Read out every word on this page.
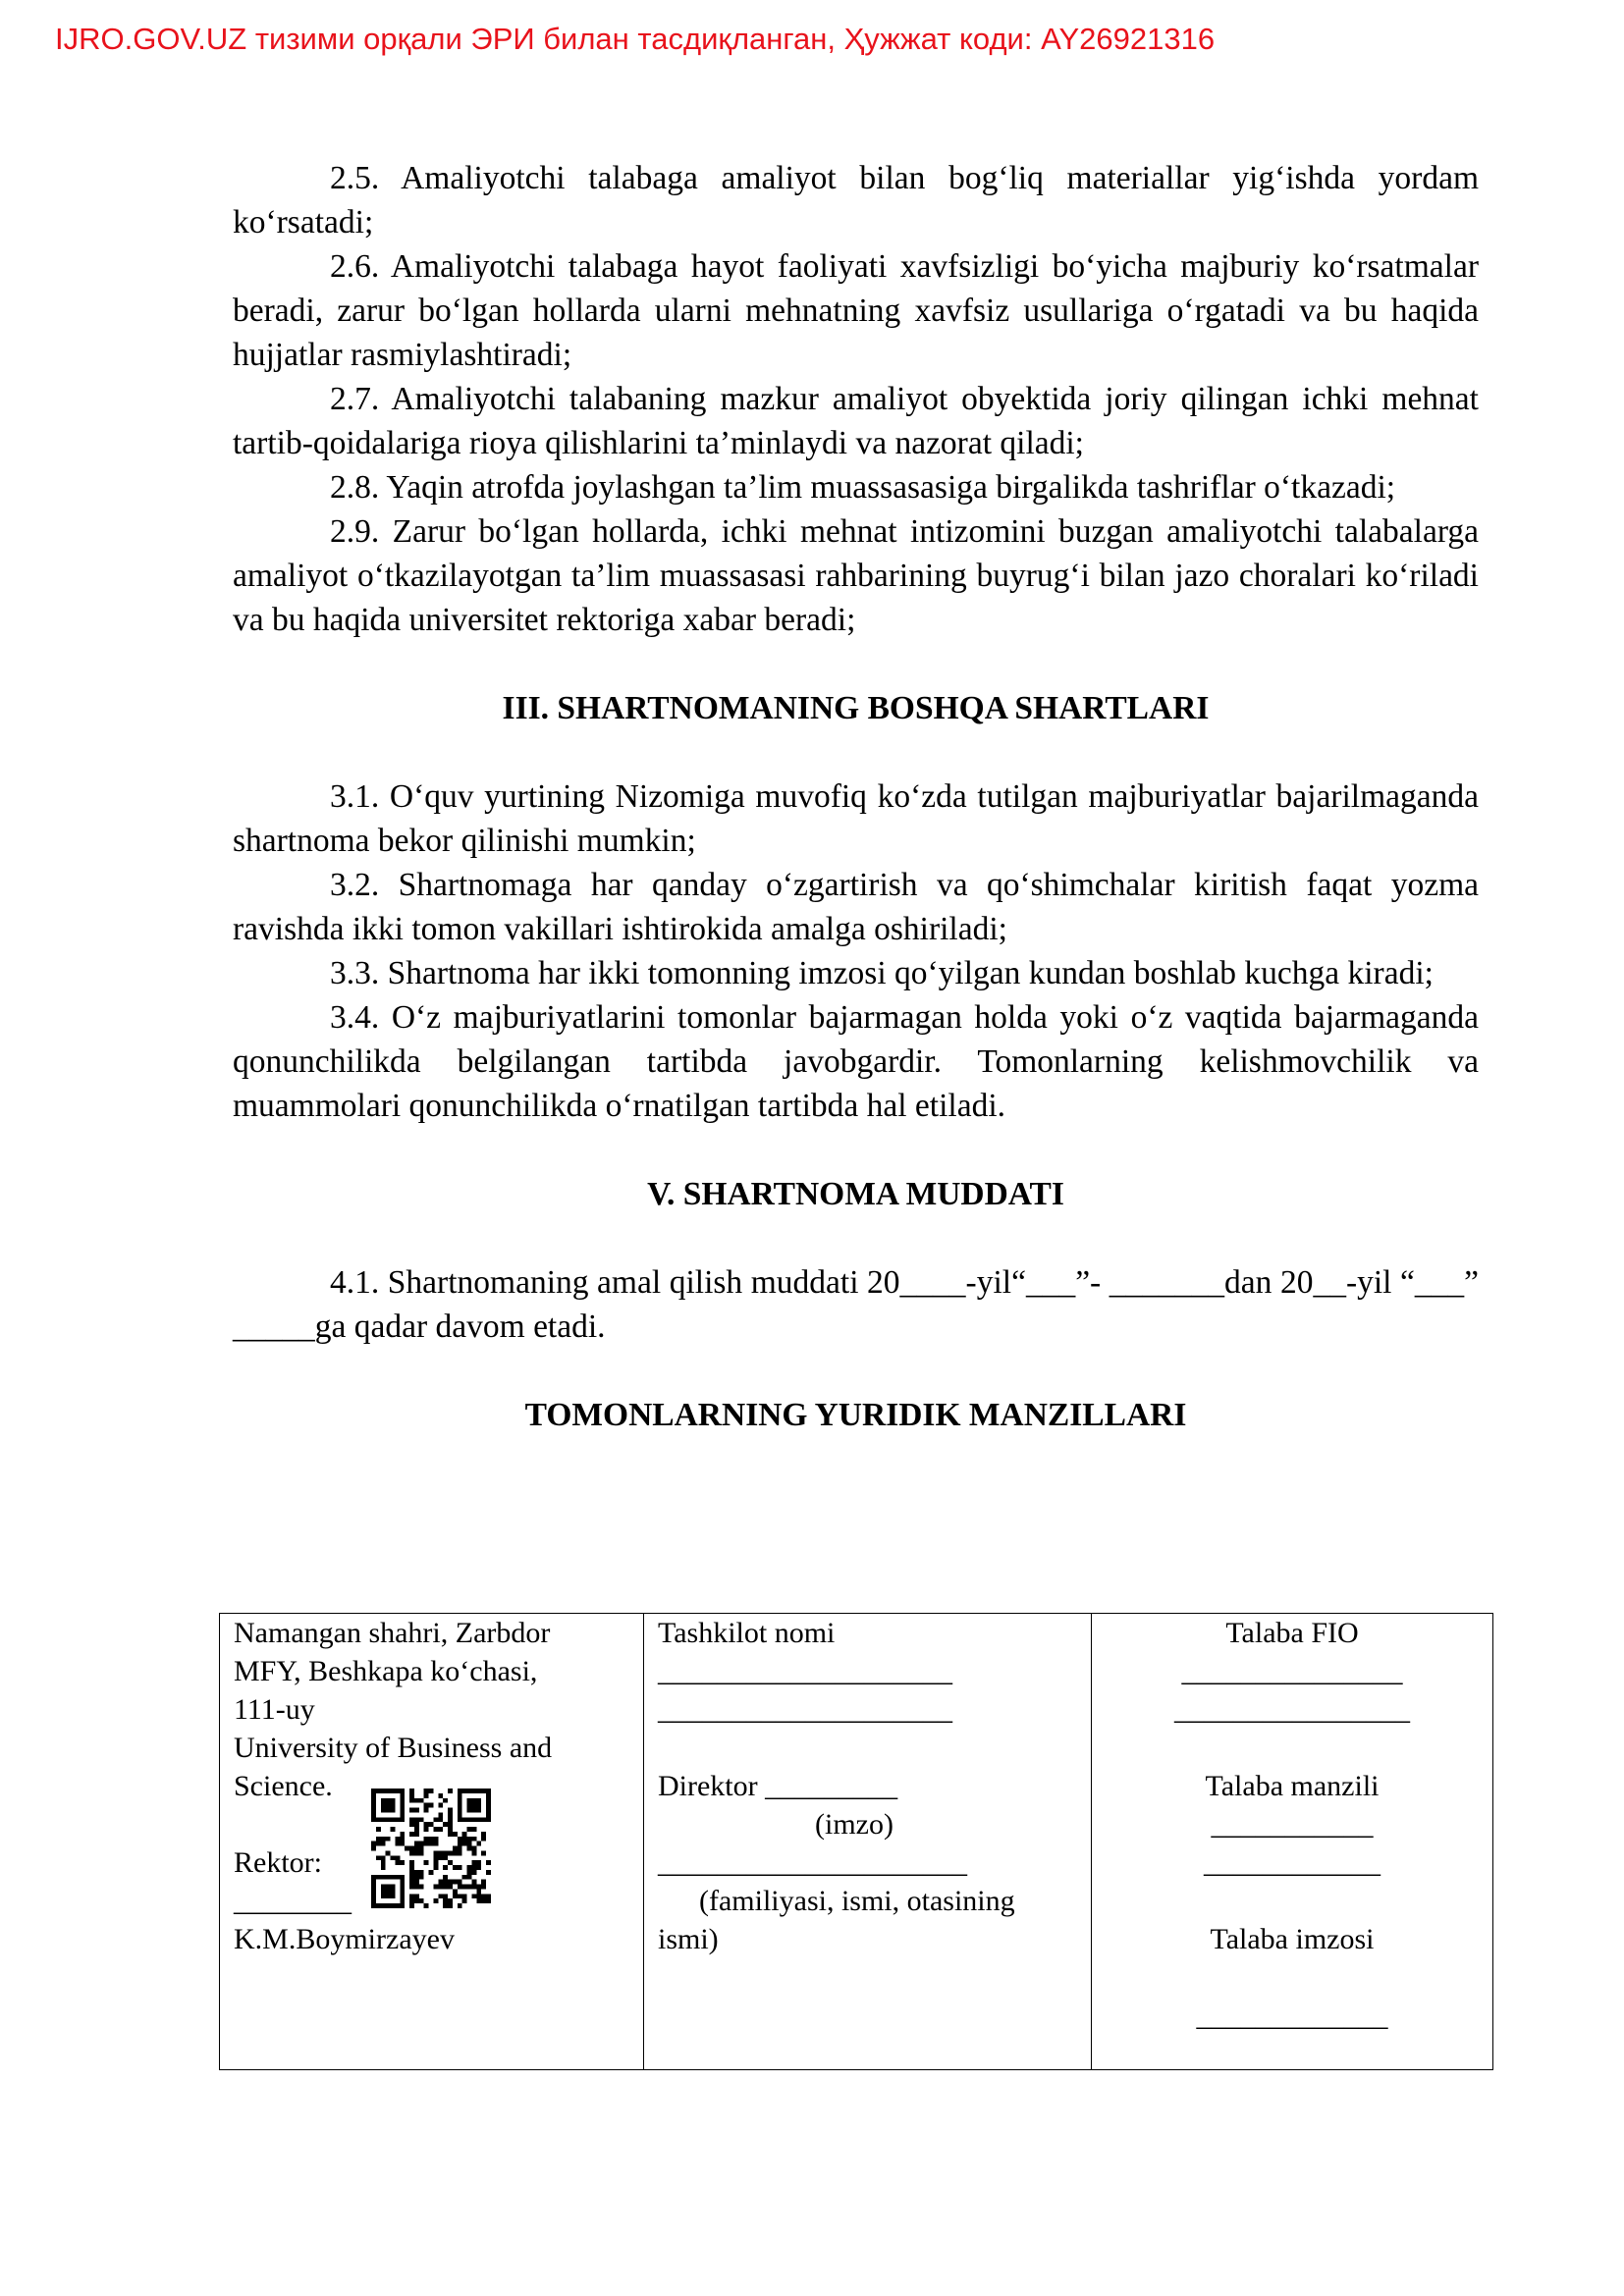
IJRO.GOV.UZ тизими орқали ЭРИ билан тасдиқланган, Ҳужжат коди: AY26921316

2.5. Amaliyotchi talabaga amaliyot bilan bog‘liq materiallar yig‘ishda yordam ko‘rsatadi;

2.6. Amaliyotchi talabaga hayot faoliyati xavfsizligi bo‘yicha majburiy ko‘rsatmalar beradi, zarur bo‘lgan hollarda ularni mehnatning xavfsiz usullariga o‘rgatadi va bu haqida hujjatlar rasmiylashtiradi;

2.7. Amaliyotchi talabaning mazkur amaliyot obyektida joriy qilingan ichki mehnat tartib-qoidalariga rioya qilishlarini ta’minlaydi va nazorat qiladi;

2.8. Yaqin atrofda joylashgan ta’lim muassasasiga birgalikda tashriflar o‘tkazadi;

2.9. Zarur bo‘lgan hollarda, ichki mehnat intizomini buzgan amaliyotchi talabalarga amaliyot o‘tkazilayotgan ta’lim muassasasi rahbarining buyrug‘i bilan jazo choralari ko‘riladi va bu haqida universitet rektoriga xabar beradi;

III. SHARTNOMANING BOSHQA SHARTLARI

3.1. O‘quv yurtining Nizomiga muvofiq ko‘zda tutilgan majburiyatlar bajarilmaganda shartnoma bekor qilinishi mumkin;

3.2. Shartnomaga har qanday o‘zgartirish va qo‘shimchalar kiritish faqat yozma ravishda ikki tomon vakillari ishtirokida amalga oshiriladi;

3.3. Shartnoma har ikki tomonning imzosi qo‘yilgan kundan boshlab kuchga kiradi;

3.4. O‘z majburiyatlarini tomonlar bajarmagan holda yoki o‘z vaqtida bajarmaganda qonunchilikda belgilangan tartibda javobgardir. Tomonlarning kelishmovchilik va muammolari qonunchilikda o‘rnatilgan tartibda hal etiladi.

V. SHARTNOMA MUDDATI

4.1. Shartnomaning amal qilish muddati 20____-yil“___”- _______dan 20__-yil “___” _____ga qadar davom etadi.

TOMONLARNING YURIDIK MANZILLARI

Namangan shahri, Zarbdor
MFY, Beshkapa ko‘chasi,
111-uy
University of Business and
Science.

Rektor:
________
K.M.Boymirzayev

Tashkilot nomi
____________________
____________________

Direktor _________
(imzo)
_____________________
(familiyasi, ismi, otasining
ismi)

Talaba FIO
_______________
________________

Talaba manzili
___________
____________

Talaba imzosi

_____________
